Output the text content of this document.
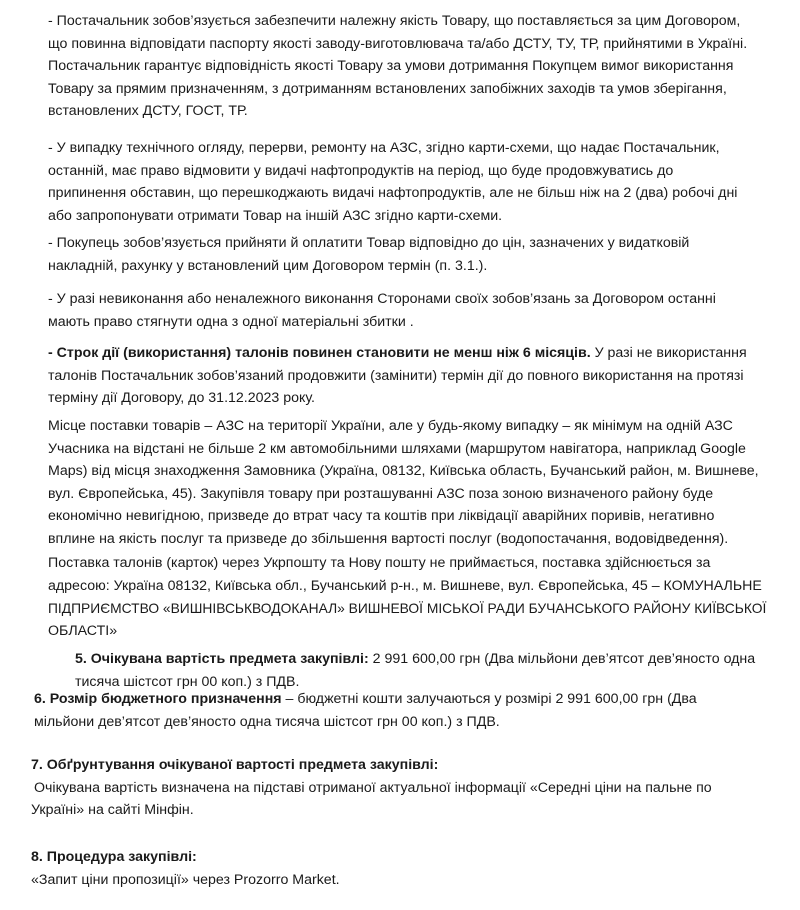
- Постачальник зобов’язується забезпечити належну якість Товару, що поставляється за цим Договором,
що повинна відповідати паспорту якості заводу-виготовлювача та/або ДСТУ, ТУ, ТР, прийнятими в Україні.
Постачальник гарантує відповідність якості Товару за умови дотримання Покупцем вимог використання
Товару за прямим призначенням, з дотриманням встановлених запобіжних заходів та умов зберігання,
встановлених ДСТУ, ГОСТ, ТР.
- У випадку технічного огляду, перерви, ремонту на АЗС, згідно карти-схеми, що надає Постачальник,
останній, має право відмовити у видачі нафтопродуктів на період, що буде продовжуватись до
припинення обставин, що перешкоджають видачі нафтопродуктів, але не більш ніж на 2 (два) робочі дні
або запропонувати отримати Товар на іншій АЗС згідно карти-схеми.
- Покупець зобов’язується прийняти й оплатити Товар відповідно до цін, зазначених у видатковій
накладній, рахунку у встановлений цим Договором термін (п. 3.1.).
- У разі невиконання або неналежного виконання Сторонами своїх зобов’язань за Договором останні
мають право стягнути одна з одної матеріальні збитки .
- Строк дії (використання) талонів повинен становити не менш ніж 6 місяців. У разі не використання
талонів Постачальник зобов’язаний продовжити (замінити) термін дії до повного використання на протязі
терміну дії Договору, до 31.12.2023 року.
Місце поставки товарів – АЗС на території України, але у будь-якому випадку – як мінімум на одній АЗС
Учасника на відстані не більше 2 км автомобільними шляхами (маршрутом навігатора, наприклад Google
Maps) від місця знаходження Замовника (Україна, 08132, Київська область, Бучанський район, м. Вишневе,
вул. Європейська, 45). Закупівля товару при розташуванні АЗС поза зоною визначеного району буде
економічно невигідною, призведе до втрат часу та коштів при ліквідації аварійних поривів, негативно
вплине на якість послуг та призведе до збільшення вартості послуг (водопостачання, водовідведення).
Поставка талонів (карток) через Укрпошту та Нову пошту не приймається, поставка здійснюється за
адресою: Україна 08132, Київська обл., Бучанський р-н., м. Вишневе, вул. Європейська, 45 – КОМУНАЛЬНЕ
ПІДПРИЄМСТВО «ВИШНІВСЬКВОДОКАНАЛ» ВИШНЕВОЇ МІСЬКОЇ РАДИ БУЧАНСЬКОГО РАЙОНУ КИЇВСЬКОЇ
ОБЛАСТІ»
5. Очікувана вартість предмета закупівлі: 2 991 600,00 грн (Два мільйони дев’ятсот дев’яносто одна
тисяча шістсот грн 00 коп.) з ПДВ.
6. Розмір бюджетного призначення – бюджетні кошти залучаються у розмірі 2 991 600,00 грн (Два
мільйони дев’ятсот дев’яносто одна тисяча шістсот грн 00 коп.) з ПДВ.
7. Обґрунтування очікуваної вартості предмета закупівлі:
Очікувана вартість визначена на підставі отриманої актуальної інформації «Середні ціни на пальне по
Україні» на сайті Мінфін.
8. Процедура закупівлі:
«Запит ціни пропозиції» через Prozorro Market.
